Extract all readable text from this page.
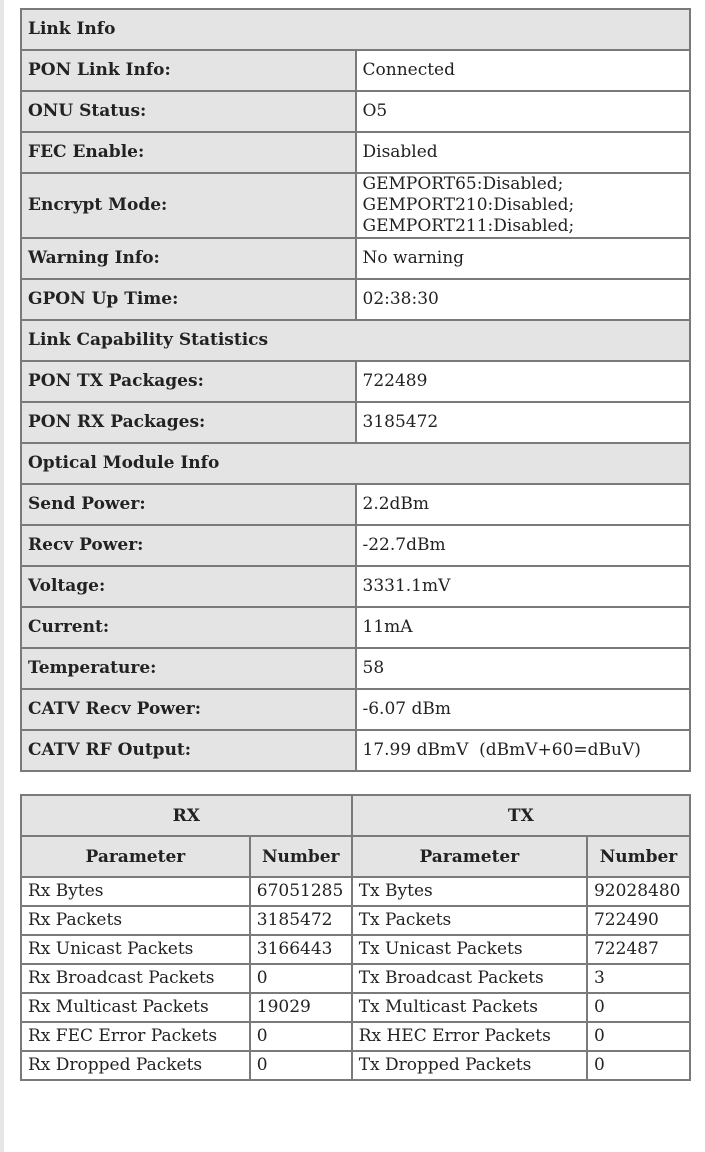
Link Info	
PON Link Info:	Connected
ONU Status:	O5
FEC Enable:	Disabled
Encrypt Mode:	GEMPORT65:Disabled; GEMPORT210:Disabled; GEMPORT211:Disabled;
Warning Info:	No warning
GPON Up Time:	02:38:30
Link Capability Statistics	
PON TX Packages:	722489
PON RX Packages:	3185472
Optical Module Info	
Send Power:	2.2dBm
Recv Power:	-22.7dBm
Voltage:	3331.1mV
Current:	11mA
Temperature:	58
CATV Recv Power:	-6.07 dBm
CATV RF Output:	17.99 dBmV  (dBmV+60=dBuV)
RX		TX	
Parameter	Number	Parameter	Number
Rx Bytes	67051285	Tx Bytes	92028480
Rx Packets	3185472	Tx Packets	722490
Rx Unicast Packets	3166443	Tx Unicast Packets	722487
Rx Broadcast Packets	0	Tx Broadcast Packets	3
Rx Multicast Packets	19029	Tx Multicast Packets	0
Rx FEC Error Packets	0	Rx HEC Error Packets	0
Rx Dropped Packets	0	Tx Dropped Packets	0
